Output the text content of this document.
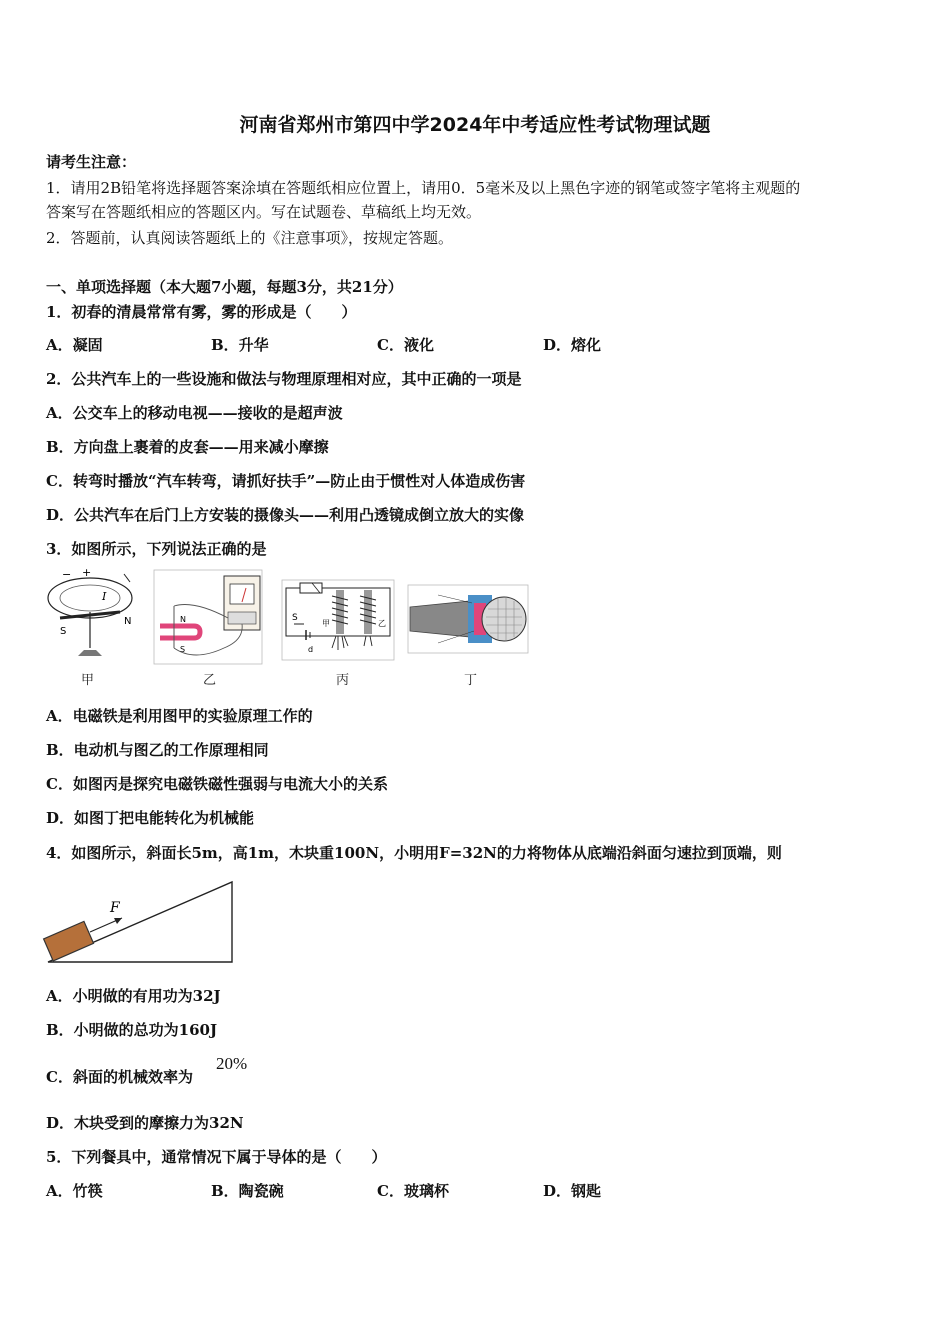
河南省郑州市第四中学2024年中考适应性考试物理试题
请考生注意：
1．请用2B铅笔将选择题答案涂填在答题纸相应位置上，请用0．5毫米及以上黑色字迹的钢笔或签字笔将主观题的
答案写在答题纸相应的答题区内。写在试题卷、草稿纸上均无效。
2．答题前，认真阅读答题纸上的《注意事项》，按规定答题。
一、单项选择题（本大题7小题，每题3分，共21分）
1．初春的清晨常常有雾，雾的形成是（　　）
A．凝固	B．升华	C．液化	D．熔化
2．公共汽车上的一些设施和做法与物理原理相对应，其中正确的一项是
A．公交车上的移动电视——接收的是超声波
B．方向盘上裹着的皮套——用来减小摩擦
C．转弯时播放“汽车转弯，请抓好扶手”—防止由于惯性对人体造成伤害
D．公共汽车在后门上方安装的摄像头——利用凸透镜成倒立放大的实像
3．如图所示，下列说法正确的是
− +
I
S
N	N
S
S
甲	乙
d
甲	乙	丙	丁
A．电磁铁是利用图甲的实验原理工作的
B．电动机与图乙的工作原理相同
C．如图丙是探究电磁铁磁性强弱与电流大小的关系
D．如图丁把电能转化为机械能
4．如图所示，斜面长5m，高1m，木块重100N，小明用F=32N的力将物体从底端沿斜面匀速拉到顶端，则
F
A．小明做的有用功为32J
B．小明做的总功为160J
C．斜面的机械效率为
20%
D．木块受到的摩擦力为32N
5．下列餐具中，通常情况下属于导体的是（　　）
A．竹筷	B．陶瓷碗	C．玻璃杯	D．钢匙
